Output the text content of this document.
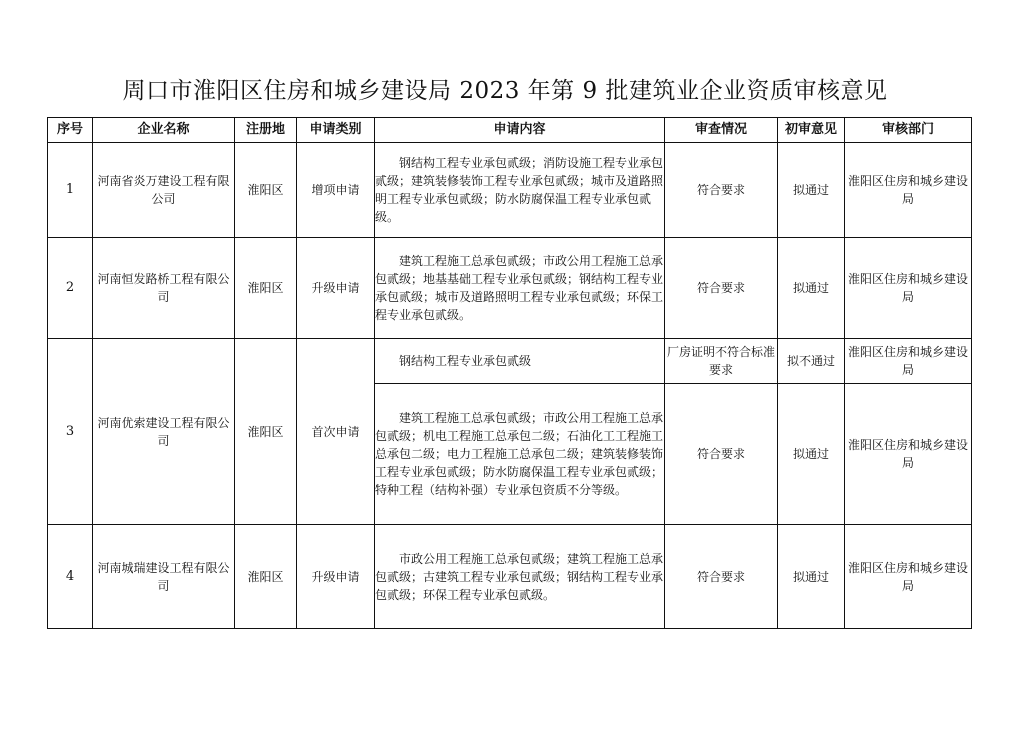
周口市淮阳区住房和城乡建设局 2023 年第 9 批建筑业企业资质审核意见
序号	企业名称	注册地	申请类别	申请内容	审查情况	初审意见	审核部门
1	河南省炎万建设工程有限公司	淮阳区	增项申请	钢结构工程专业承包贰级；消防设施工程专业承包贰级；建筑装修装饰工程专业承包贰级；城市及道路照明工程专业承包贰级；防水防腐保温工程专业承包贰级。	符合要求	拟通过	淮阳区住房和城乡建设局
2	河南恒发路桥工程有限公司	淮阳区	升级申请	建筑工程施工总承包贰级；市政公用工程施工总承包贰级；地基基础工程专业承包贰级；钢结构工程专业承包贰级；城市及道路照明工程专业承包贰级；环保工程专业承包贰级。	符合要求	拟通过	淮阳区住房和城乡建设局
3	河南优索建设工程有限公司	淮阳区	首次申请	钢结构工程专业承包贰级	厂房证明不符合标准要求	拟不通过	淮阳区住房和城乡建设局
				建筑工程施工总承包贰级；市政公用工程施工总承包贰级；机电工程施工总承包二级；石油化工工程施工总承包二级；电力工程施工总承包二级；建筑装修装饰工程专业承包贰级；防水防腐保温工程专业承包贰级；特种工程（结构补强）专业承包资质不分等级。	符合要求	拟通过	淮阳区住房和城乡建设局
4	河南城瑞建设工程有限公司	淮阳区	升级申请	市政公用工程施工总承包贰级；建筑工程施工总承包贰级；古建筑工程专业承包贰级；钢结构工程专业承包贰级；环保工程专业承包贰级。	符合要求	拟通过	淮阳区住房和城乡建设局
